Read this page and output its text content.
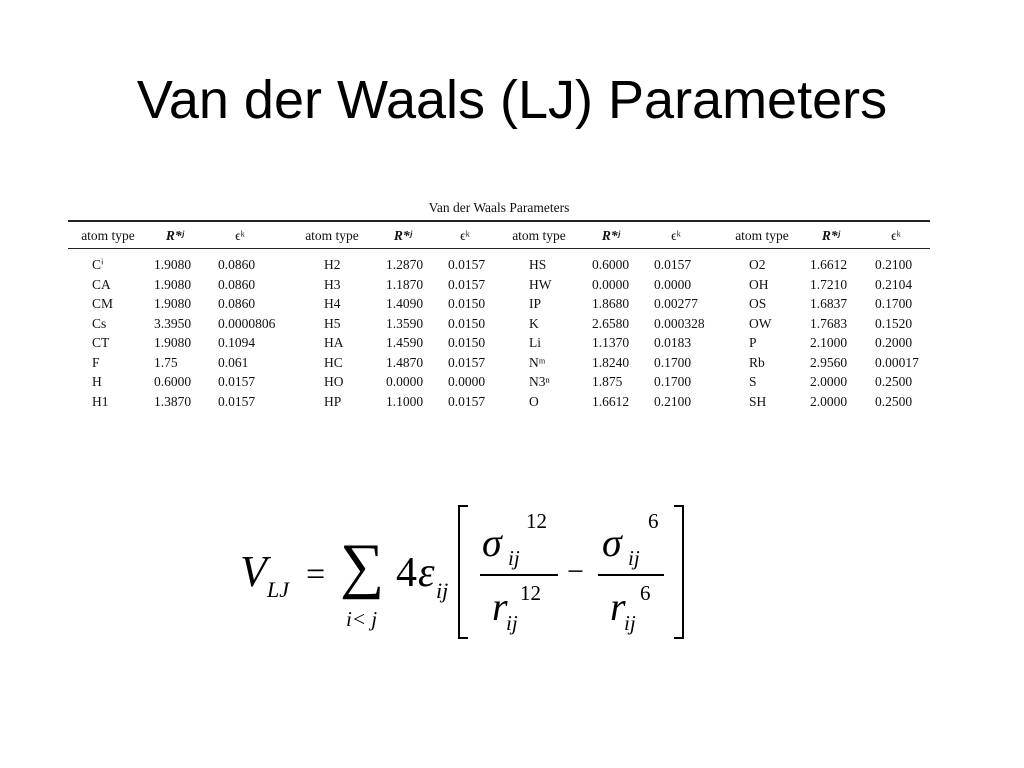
Van der Waals (LJ) Parameters
Van der Waals Parameters
atom type	R*ʲ	ϵᵏ	atom type	R*ʲ	ϵᵏ	atom type	R*ʲ	ϵᵏ	atom type	R*ʲ	ϵᵏ
Cⁱ	1.9080 0.0860	H2	1.2870 0.0157	HS	0.6000 0.0157	O2	1.6612 0.2100
CA	1.9080 0.0860	H3	1.1870 0.0157	HW	0.0000 0.0000	OH	1.7210 0.2104
CM	1.9080 0.0860	H4	1.4090 0.0150	IP	1.8680 0.00277	OS	1.6837 0.1700
Cs	3.3950 0.0000806	H5	1.3590 0.0150	K	2.6580 0.000328	OW	1.7683 0.1520
CT	1.9080 0.1094	HA	1.4590 0.0150	Li	1.1370 0.0183	P	2.1000 0.2000
F	1.75	0.061	HC	1.4870 0.0157	Nᵐ	1.8240 0.1700	Rb	2.9560 0.00017
H	0.6000 0.0157	HO	0.0000 0.0000	N3ⁿ	1.875 0.1700	S	2.0000 0.2500
H1	1.3870 0.0157	HP	1.1000 0.0157	O	1.6612 0.2100	SH	2.0000 0.2500
V LJ = ∑
i< j
4 ε ij
σ ij
12
r
ij
12
−
σ ij
6
r
ij
6
